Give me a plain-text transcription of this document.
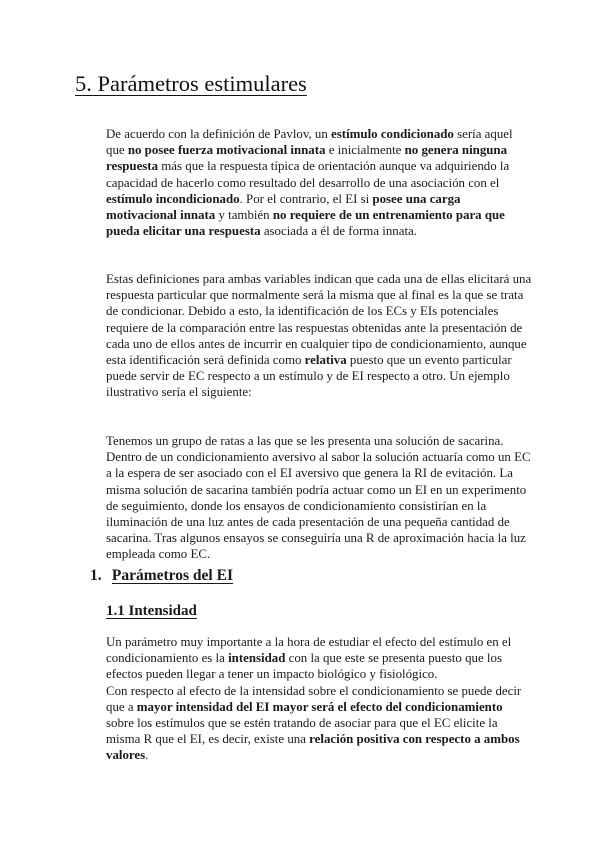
5. Parámetros estimulares

De acuerdo con la definición de Pavlov, un estímulo condicionado sería aquel que no posee fuerza motivacional innata e inicialmente no genera ninguna respuesta más que la respuesta típica de orientación aunque va adquiriendo la capacidad de hacerlo como resultado del desarrollo de una asociación con el estímulo incondicionado. Por el contrario, el EI si posee una carga motivacional innata y también no requiere de un entrenamiento para que pueda elicitar una respuesta asociada a él de forma innata.

Estas definiciones para ambas variables indican que cada una de ellas elicitará una respuesta particular que normalmente será la misma que al final es la que se trata de condicionar. Debido a esto, la identificación de los ECs y EIs potenciales requiere de la comparación entre las respuestas obtenidas ante la presentación de cada uno de ellos antes de incurrir en cualquier tipo de condicionamiento, aunque esta identificación será definida como relativa puesto que un evento particular puede servir de EC respecto a un estímulo y de EI respecto a otro. Un ejemplo ilustrativo sería el siguiente:

Tenemos un grupo de ratas a las que se les presenta una solución de sacarina. Dentro de un condicionamiento aversivo al sabor la solución actuaría como un EC a la espera de ser asociado con el EI aversivo que genera la RI de evitación. La misma solución de sacarina también podría actuar como un EI en un experimento de seguimiento, donde los ensayos de condicionamiento consistirían en la iluminación de una luz antes de cada presentación de una pequeña cantidad de sacarina. Tras algunos ensayos se conseguiría una R de aproximación hacia la luz empleada como EC.

1. Parámetros del EI
1.1 Intensidad

Un parámetro muy importante a la hora de estudiar el efecto del estímulo en el condicionamiento es la intensidad con la que este se presenta puesto que los efectos pueden llegar a tener un impacto biológico y fisiológico.
Con respecto al efecto de la intensidad sobre el condicionamiento se puede decir que a mayor intensidad del EI mayor será el efecto del condicionamiento sobre los estímulos que se estén tratando de asociar para que el EC elicite la misma R que el EI, es decir, existe una relación positiva con respecto a ambos valores.
